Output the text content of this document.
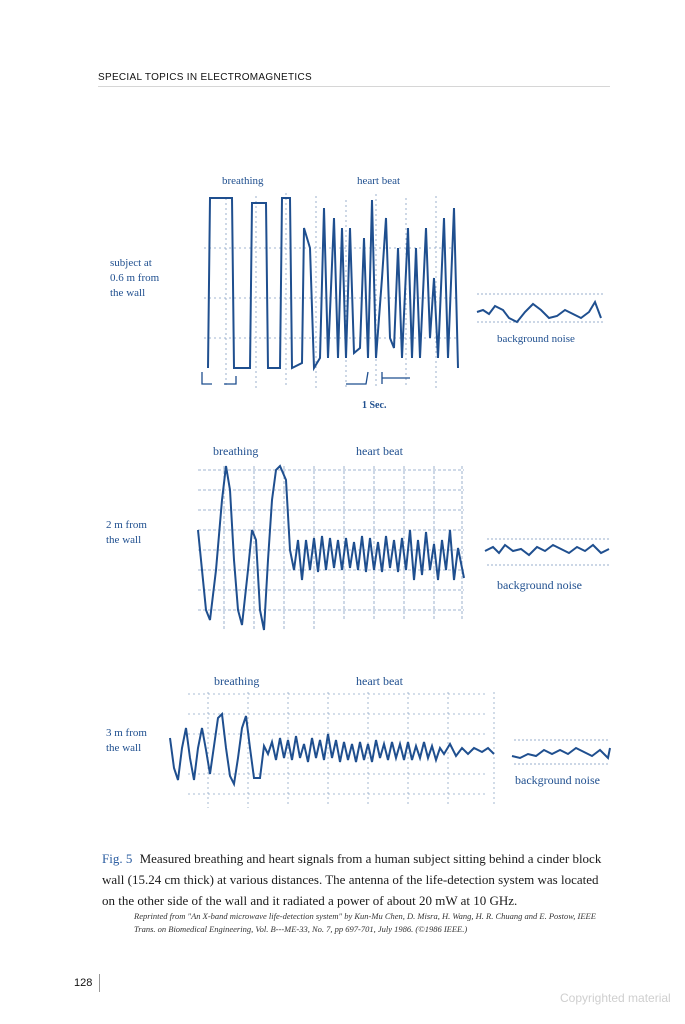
SPECIAL TOPICS IN ELECTROMAGNETICS
breathing	heart beat
subject at
0.6 m from
the wall
1 Sec.
background noise
breathing	heart beat
2 m from
the wall
background noise
breathing	heart beat
3 m from
the wall
background noise
Fig. 5 Measured breathing and heart signals from a human subject sitting behind a cinder block wall (15.24 cm thick) at various distances. The antenna of the life-detection system was located on the other side of the wall and it radiated a power of about 20 mW at 10 GHz.
Reprinted from "An X-band microwave life-detection system" by Kun-Mu Chen, D. Misra, H. Wang, H. R. Chuang and E. Postow, IEEE Trans. on Biomedical Engineering, Vol. B---ME-33, No. 7, pp 697-701, July 1986. (©1986 IEEE.)
128
Copyrighted material
